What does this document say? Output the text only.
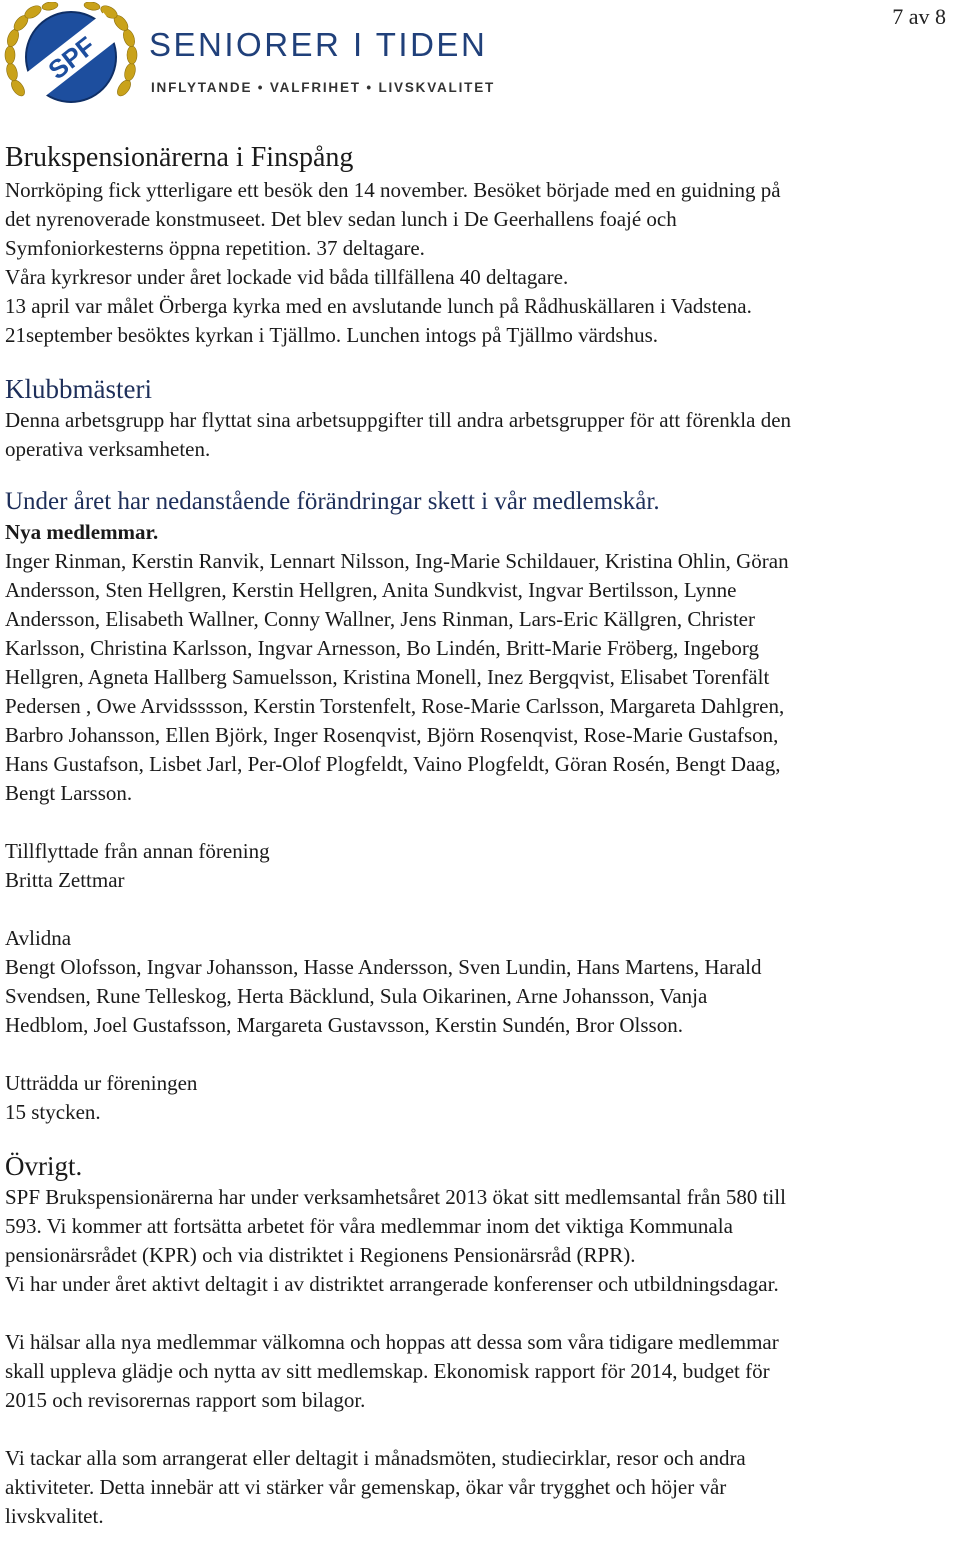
7 av 8
SPF SENIORER I TIDEN
INFLYTANDE • VALFRIHET • LIVSKVALITET
Brukspensionärerna i Finspång

Norrköping fick ytterligare ett besök den 14 november. Besöket började med en guidning på

det nyrenoverade konstmuseet. Det blev sedan lunch i De Geerhallens foajé och

Symfoniorkesterns öppna repetition. 37 deltagare.

Våra kyrkresor under året lockade vid båda tillfällena 40 deltagare.

13 april var målet Örberga kyrka med en avslutande lunch på Rådhuskällaren i Vadstena.

21september besöktes kyrkan i Tjällmo. Lunchen intogs på Tjällmo värdshus.

Klubbmästeri

Denna arbetsgrupp har flyttat sina arbetsuppgifter till andra arbetsgrupper för att förenkla den

operativa verksamheten.

Under året har nedanstående förändringar skett i vår medlemskår.

Nya medlemmar.

Inger Rinman, Kerstin Ranvik, Lennart Nilsson, Ing-Marie Schildauer, Kristina Ohlin, Göran

Andersson, Sten Hellgren, Kerstin Hellgren, Anita Sundkvist, Ingvar Bertilsson, Lynne

Andersson, Elisabeth Wallner, Conny Wallner, Jens Rinman, Lars-Eric Källgren, Christer

Karlsson, Christina Karlsson, Ingvar Arnesson, Bo Lindén, Britt-Marie Fröberg, Ingeborg

Hellgren, Agneta Hallberg Samuelsson, Kristina Monell, Inez Bergqvist, Elisabet Torenfält

Pedersen , Owe Arvidsssson, Kerstin Torstenfelt, Rose-Marie Carlsson, Margareta Dahlgren,

Barbro Johansson, Ellen Björk, Inger Rosenqvist, Björn Rosenqvist, Rose-Marie Gustafson,

Hans Gustafson, Lisbet Jarl, Per-Olof Plogfeldt, Vaino Plogfeldt, Göran Rosén, Bengt Daag,

Bengt Larsson.

Tillflyttade från annan förening

Britta Zettmar

Avlidna

Bengt Olofsson, Ingvar Johansson, Hasse Andersson, Sven Lundin, Hans Martens, Harald

Svendsen, Rune Telleskog, Herta Bäcklund, Sula Oikarinen, Arne Johansson, Vanja

Hedblom, Joel Gustafsson, Margareta Gustavsson, Kerstin Sundén, Bror Olsson.

Utträdda ur föreningen

15 stycken.

Övrigt.

SPF Brukspensionärerna har under verksamhetsåret 2013 ökat sitt medlemsantal från 580 till

593. Vi kommer att fortsätta arbetet för våra medlemmar inom det viktiga Kommunala

pensionärsrådet (KPR) och via distriktet i Regionens Pensionärsråd (RPR).

Vi har under året aktivt deltagit i av distriktet arrangerade konferenser och utbildningsdagar.

Vi hälsar alla nya medlemmar välkomna och hoppas att dessa som våra tidigare medlemmar

skall uppleva glädje och nytta av sitt medlemskap. Ekonomisk rapport för 2014, budget för

2015 och revisorernas rapport som bilagor.

Vi tackar alla som arrangerat eller deltagit i månadsmöten, studiecirklar, resor och andra

aktiviteter. Detta innebär att vi stärker vår gemenskap, ökar vår trygghet och höjer vår

livskvalitet.
